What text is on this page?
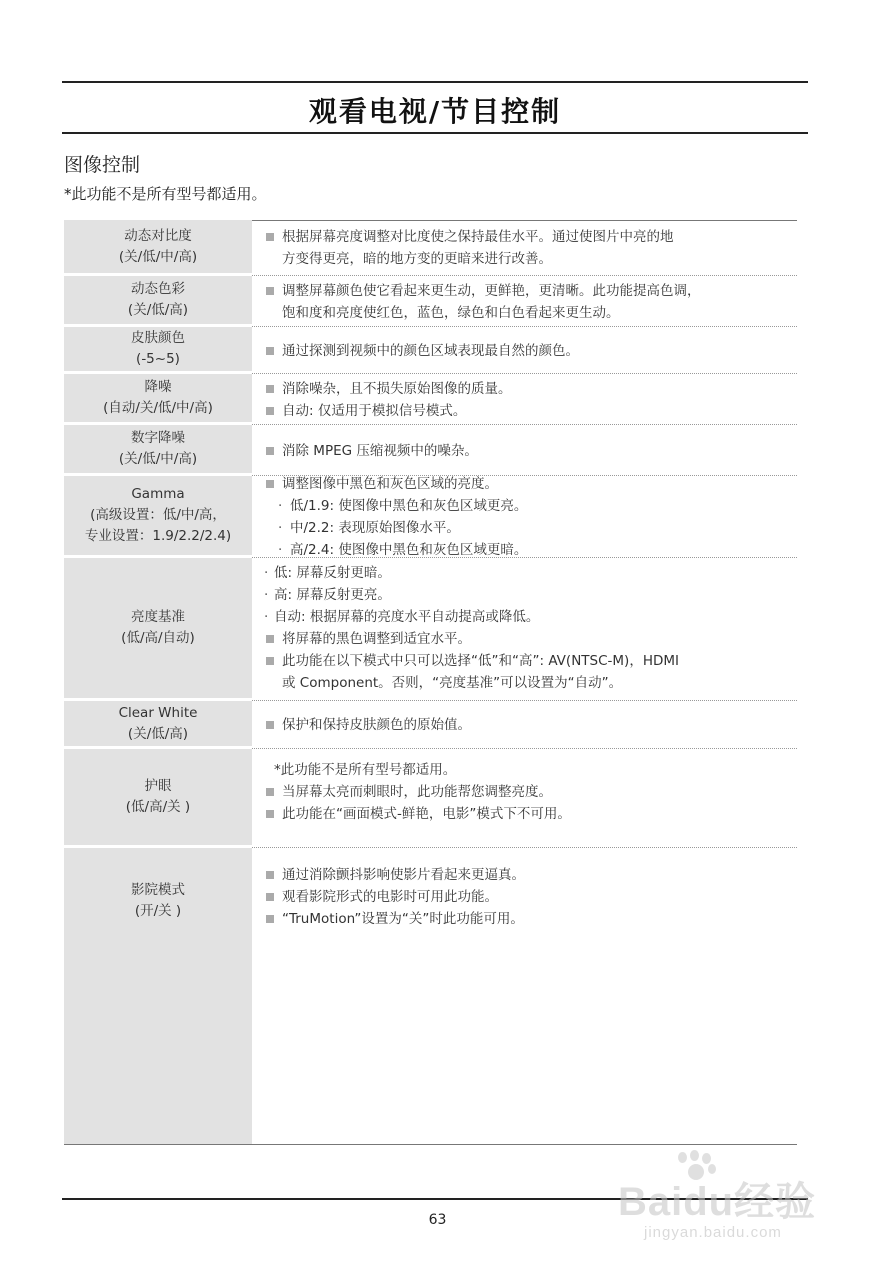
观看电视/节目控制
图像控制
*此功能不是所有型号都适用。
动态对比度
(关/低/中/高)
根据屏幕亮度调整对比度使之保持最佳水平。通过使图片中亮的地
方变得更亮，暗的地方变的更暗来进行改善。
动态色彩
(关/低/高)
调整屏幕颜色使它看起来更生动，更鲜艳，更清晰。此功能提高色调，
饱和度和亮度使红色，蓝色，绿色和白色看起来更生动。
皮肤颜色
(-5~5)
通过探测到视频中的颜色区域表现最自然的颜色。
降噪
(自动/关/低/中/高)
消除噪杂，且不损失原始图像的质量。
自动: 仅适用于模拟信号模式。
数字降噪
(关/低/中/高)
消除 MPEG 压缩视频中的噪杂。
Gamma
(高级设置：低/中/高，
专业设置：1.9/2.2/2.4)
调整图像中黑色和灰色区域的亮度。
· 低/1.9: 使图像中黑色和灰色区域更亮。
· 中/2.2: 表现原始图像水平。
· 高/2.4: 使图像中黑色和灰色区域更暗。
亮度基准
(低/高/自动)
· 低: 屏幕反射更暗。
· 高: 屏幕反射更亮。
· 自动: 根据屏幕的亮度水平自动提高或降低。
将屏幕的黑色调整到适宜水平。
此功能在以下模式中只可以选择“低”和“高”: AV(NTSC-M)，HDMI
或 Component。否则，“亮度基准”可以设置为“自动”。
Clear White
(关/低/高)
保护和保持皮肤颜色的原始值。
护眼
(低/高/关 )
*此功能不是所有型号都适用。
当屏幕太亮而刺眼时，此功能帮您调整亮度。
此功能在“画面模式-鲜艳，电影”模式下不可用。
影院模式
(开/关 )
通过消除颤抖影响使影片看起来更逼真。
观看影院形式的电影时可用此功能。
“TruMotion”设置为“关”时此功能可用。
63	Baidu经验
jingyan.baidu.com
